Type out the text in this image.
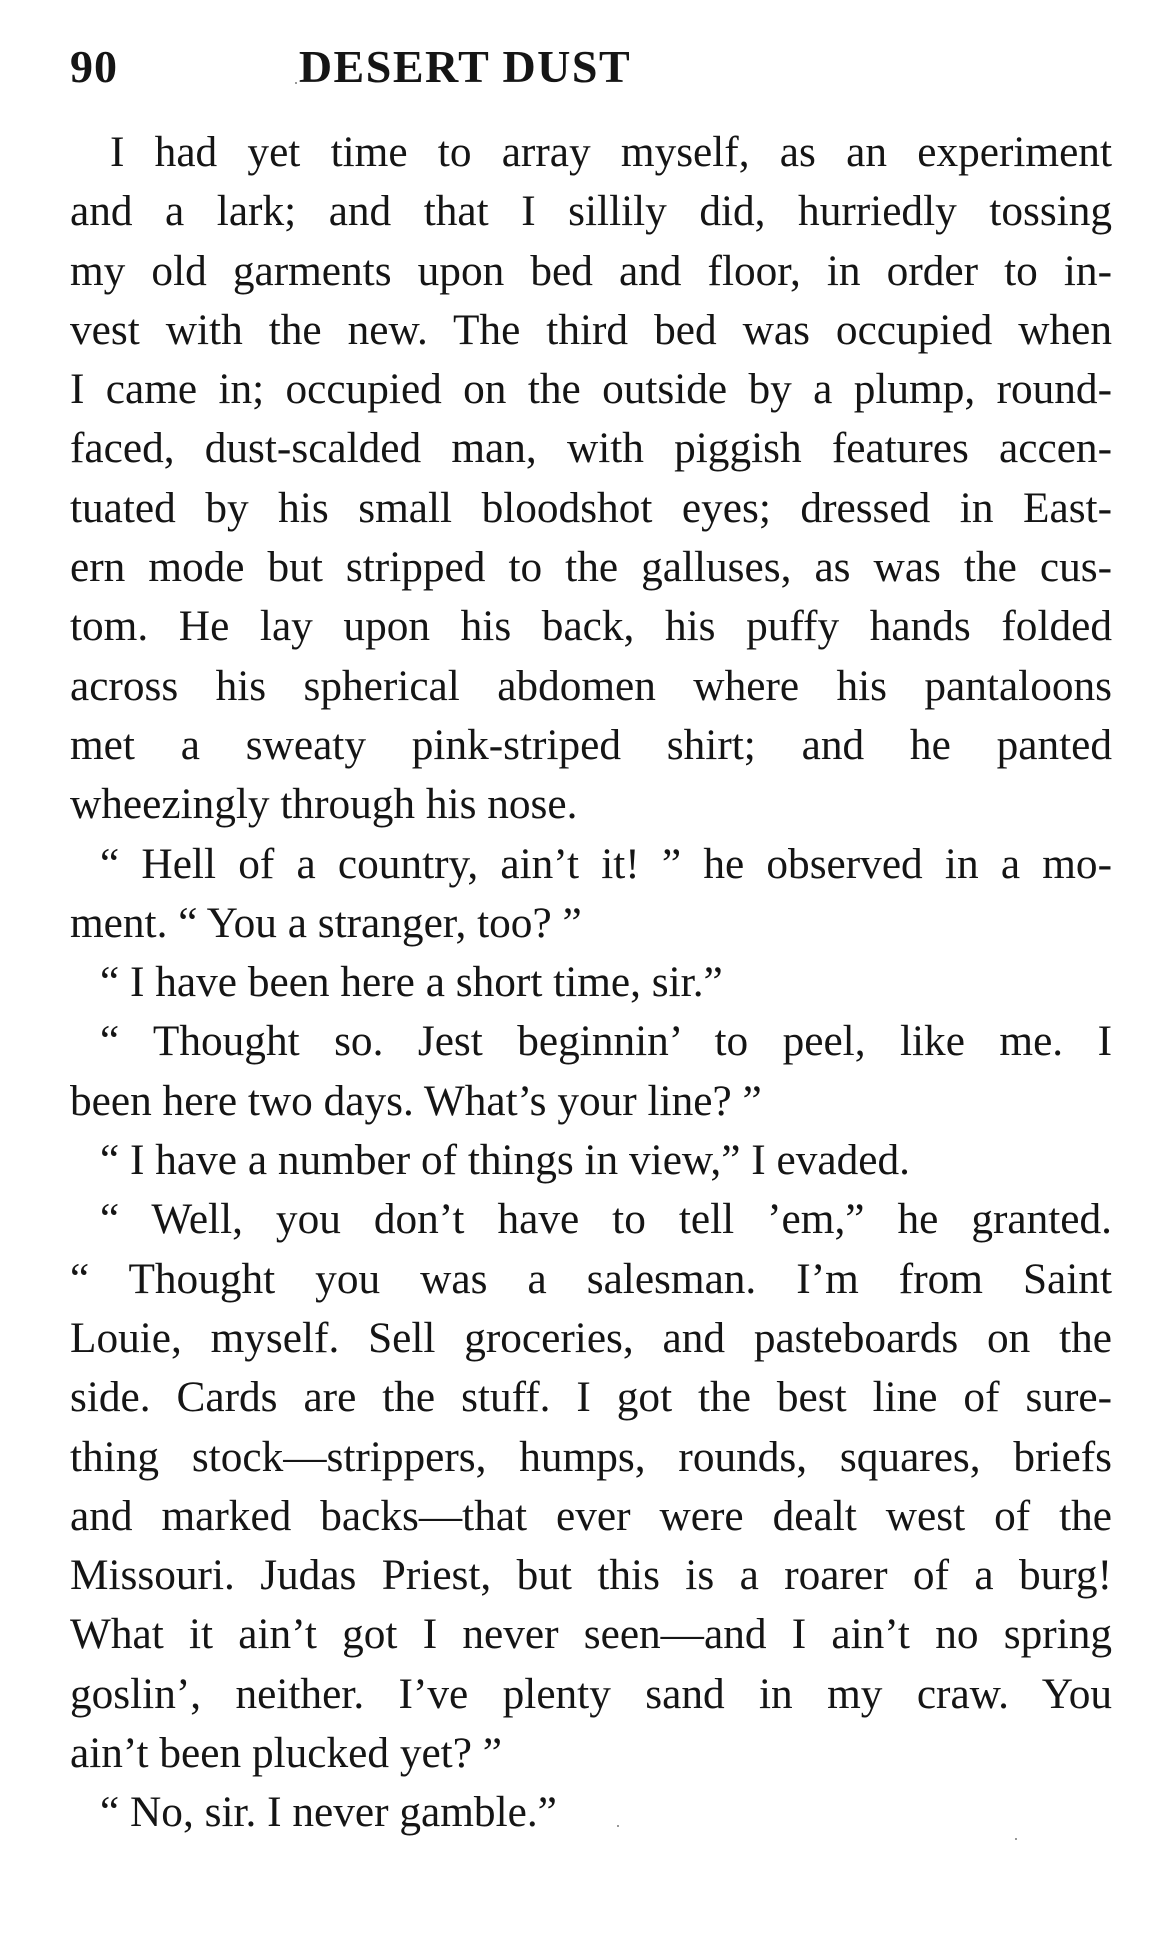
90	DESERT DUST
I had yet time to array myself, as an experiment
and a lark; and that I sillily did, hurriedly tossing
my old garments upon bed and floor, in order to in-
vest with the new. The third bed was occupied when
I came in; occupied on the outside by a plump, round-
faced, dust-scalded man, with piggish features accen-
tuated by his small bloodshot eyes; dressed in East-
ern mode but stripped to the galluses, as was the cus-
tom. He lay upon his back, his puffy hands folded
across his spherical abdomen where his pantaloons
met a sweaty pink-striped shirt; and he panted
wheezingly through his nose.
“ Hell of a country, ain’t it! ” he observed in a mo-
ment. “ You a stranger, too? ”
“ I have been here a short time, sir.”
“ Thought so. Jest beginnin’ to peel, like me. I
been here two days. What’s your line? ”
“ I have a number of things in view,” I evaded.
“ Well, you don’t have to tell ’em,” he granted.
“ Thought you was a salesman. I’m from Saint
Louie, myself. Sell groceries, and pasteboards on the
side. Cards are the stuff. I got the best line of sure-
thing stock—strippers, humps, rounds, squares, briefs
and marked backs—that ever were dealt west of the
Missouri. Judas Priest, but this is a roarer of a burg!
What it ain’t got I never seen—and I ain’t no spring
goslin’, neither. I’ve plenty sand in my craw. You
ain’t been plucked yet? ”
“ No, sir. I never gamble.”
